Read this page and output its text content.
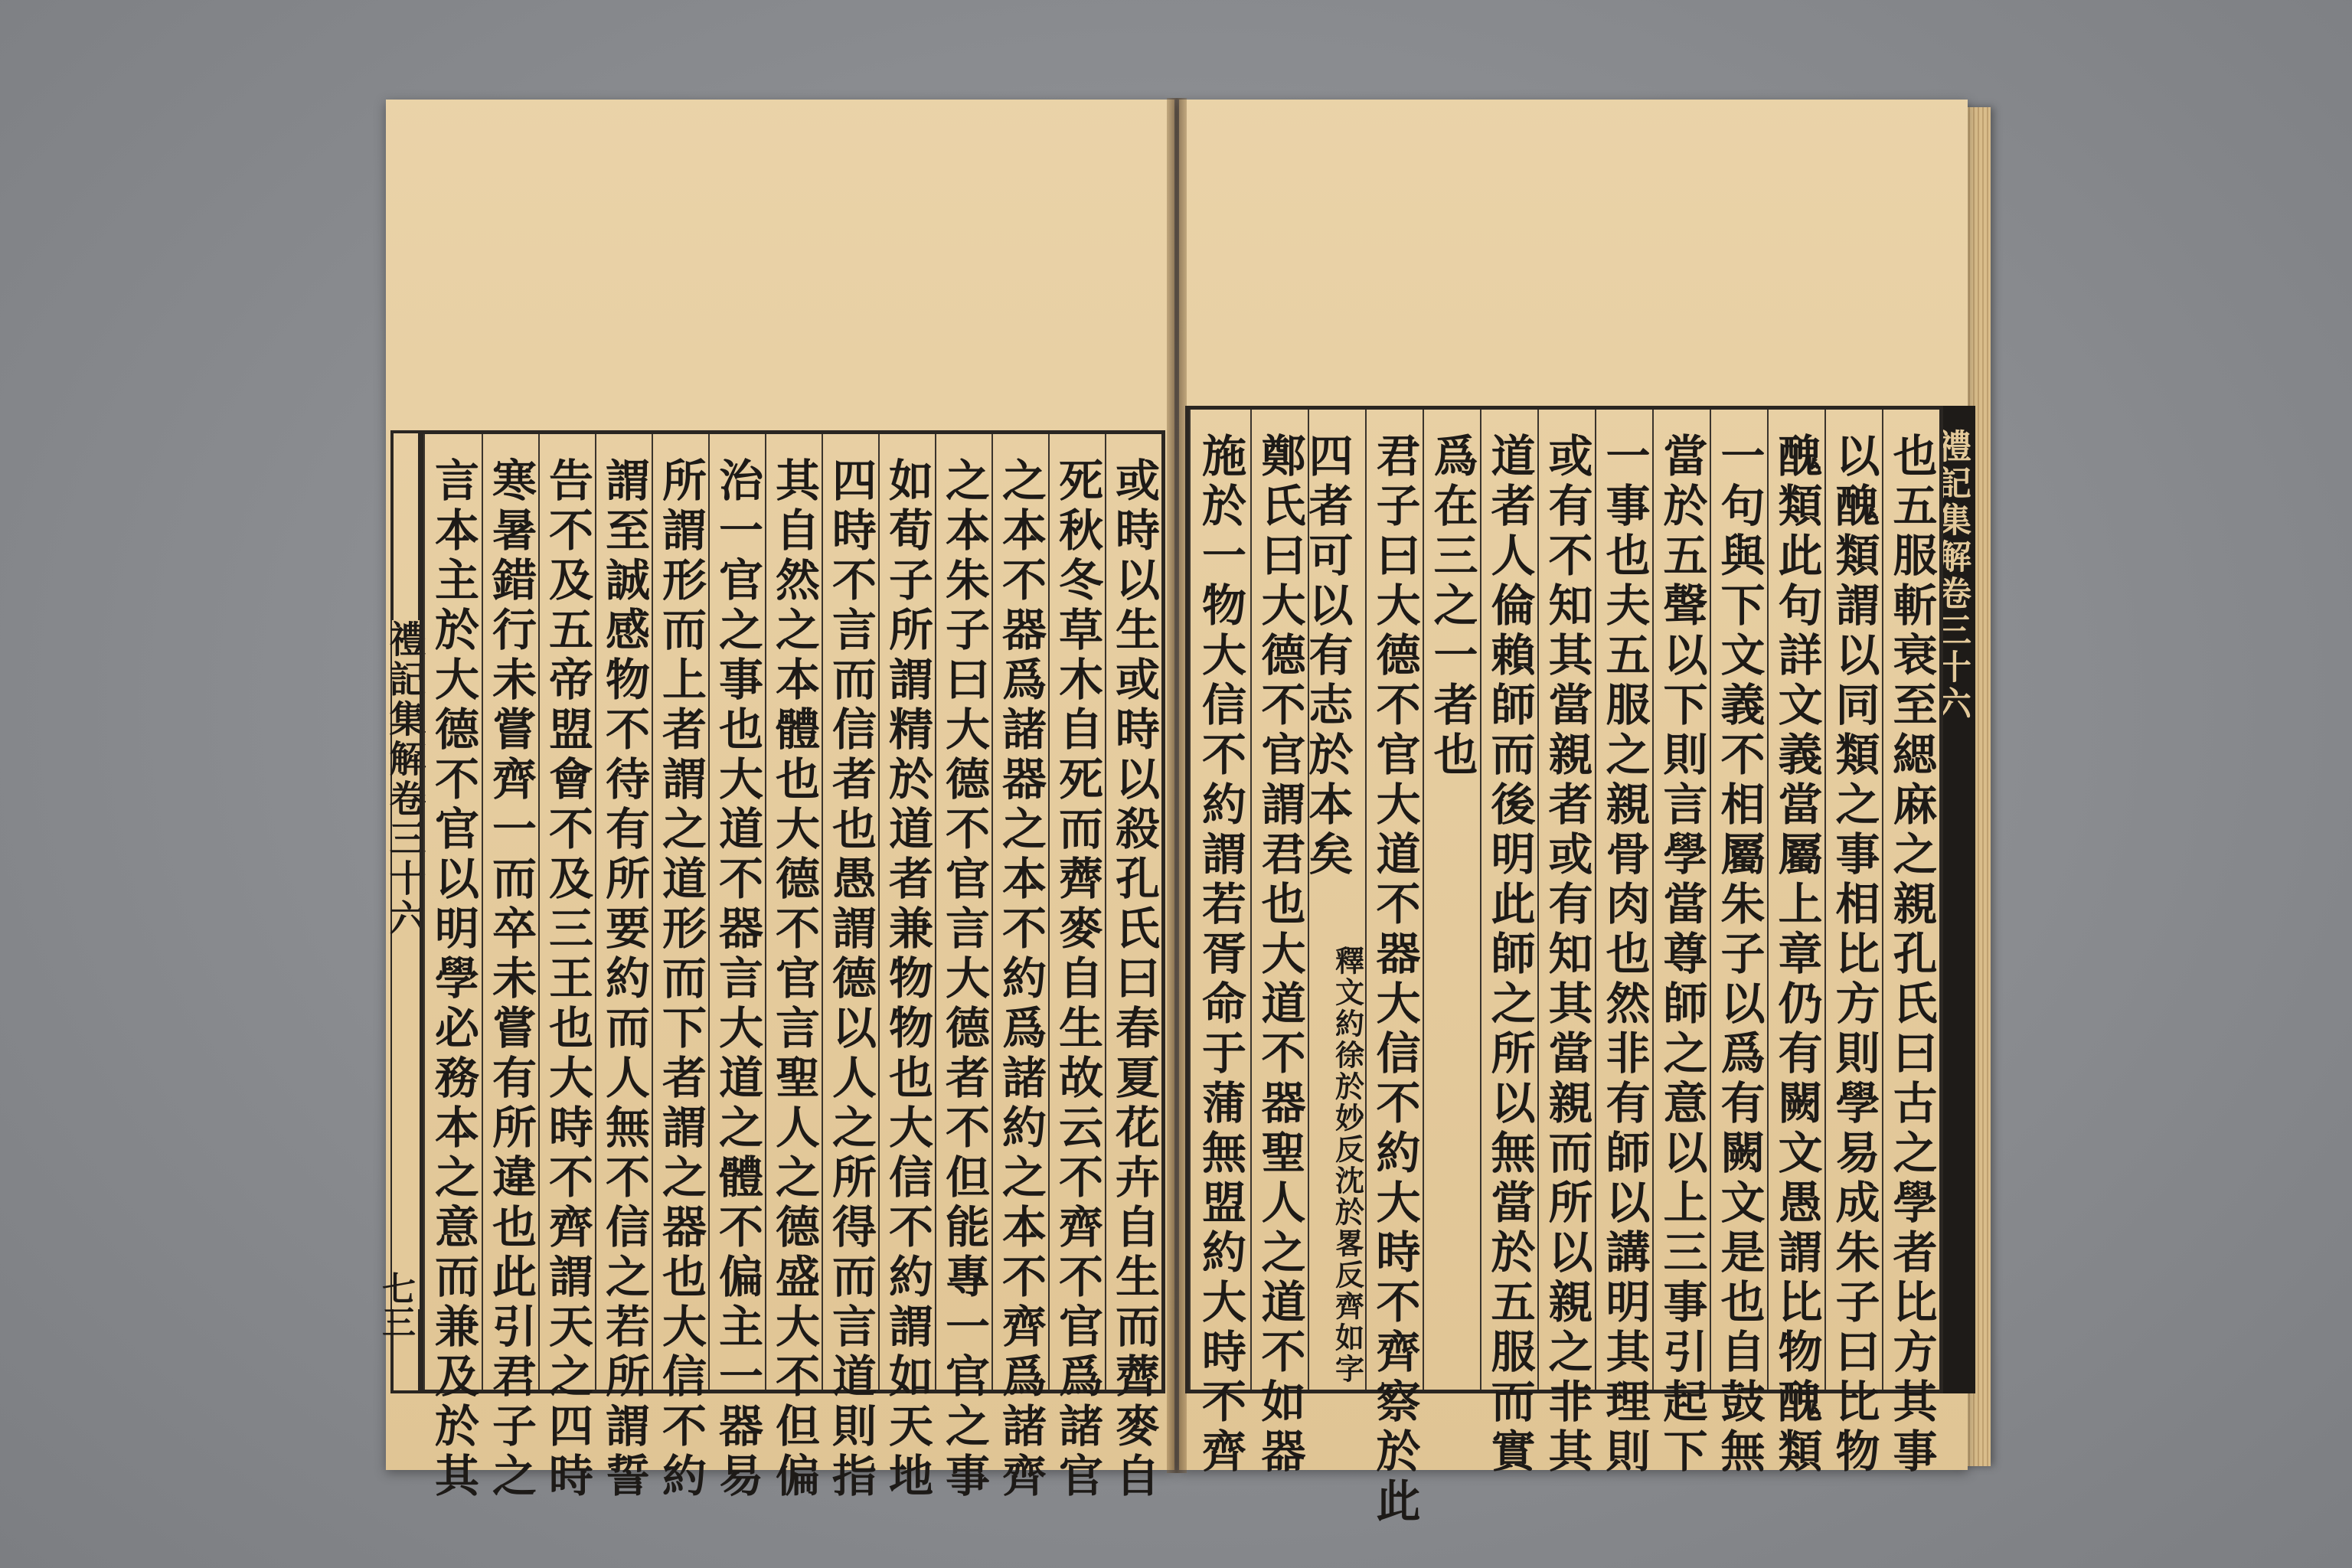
禮記集解卷三十六
七三	或時以生或時以殺孔氏曰春夏花卉自生而薺麥自
死秋冬草木自死而薺麥自生故云不齊不官爲諸官
之本不器爲諸器之本不約爲諸約之本不齊爲諸齊
之本朱子曰大德不官言大德者不但能專一官之事
如荀子所謂精於道者兼物物也大信不約謂如天地
四時不言而信者也愚謂德以人之所得而言道則指
其自然之本體也大德不官言聖人之德盛大不但偏
治一官之事也大道不器言大道之體不偏主一器易
所謂形而上者謂之道形而下者謂之器也大信不約
謂至誠感物不待有所要約而人無不信之若所謂誓
告不及五帝盟會不及三王也大時不齊謂天之四時
寒暑錯行未嘗齊一而卒未嘗有所違也此引君子之
言本主於大德不官以明學必務本之意而兼及於其	禮記集解卷三十六
也五服斬衰至緦麻之親孔氏曰古之學者比方其事
以醜類謂以同類之事相比方則學易成朱子曰比物
醜類此句詳文義當屬上章仍有闕文愚謂比物醜類
一句與下文義不相屬朱子以爲有闕文是也自鼓無
當於五聲以下則言學當尊師之意以上三事引起下
一事也夫五服之親骨肉也然非有師以講明其理則
或有不知其當親者或有知其當親而所以親之非其
道者人倫賴師而後明此師之所以無當於五服而實
爲在三之一者也
君子曰大德不官大道不器大信不約大時不齊察於此
四者可以有志於本矣
釋文約徐於妙反沈於畧反齊如字
鄭氏曰大德不官謂君也大道不器聖人之道不如器
施於一物大信不約謂若胥命于蒲無盟約大時不齊
